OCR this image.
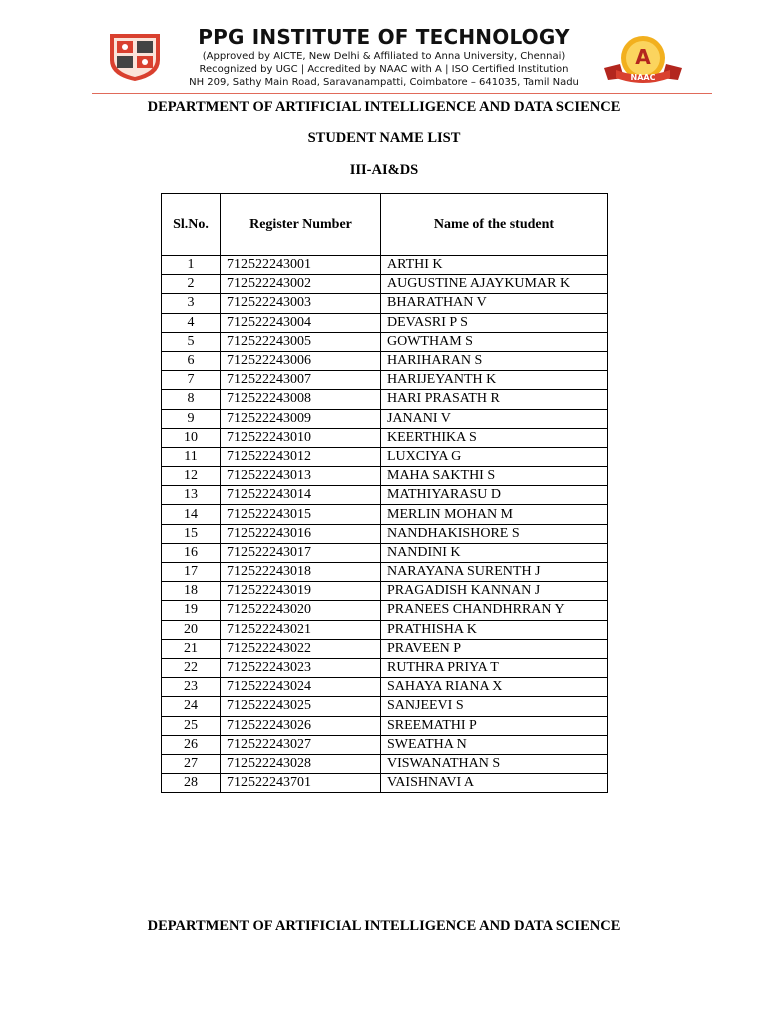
PPG INSTITUTE OF TECHNOLOGY
(Approved by AICTE, New Delhi & Affiliated to Anna University, Chennai)
Recognized by UGC | Accredited by NAAC with A | ISO Certified Institution
NH 209, Sathy Main Road, Saravanampatti, Coimbatore – 641035, Tamil Nadu
A
NAAC
DEPARTMENT OF ARTIFICIAL INTELLIGENCE AND DATA SCIENCE
STUDENT NAME LIST
III-AI&DS
Sl.No.	Register Number	Name of the student
1	712522243001	ARTHI K
2	712522243002	AUGUSTINE AJAYKUMAR K
3	712522243003	BHARATHAN V
4	712522243004	DEVASRI P S
5	712522243005	GOWTHAM S
6	712522243006	HARIHARAN S
7	712522243007	HARIJEYANTH K
8	712522243008	HARI PRASATH R
9	712522243009	JANANI V
10	712522243010	KEERTHIKA S
11	712522243012	LUXCIYA G
12	712522243013	MAHA SAKTHI S
13	712522243014	MATHIYARASU D
14	712522243015	MERLIN MOHAN M
15	712522243016	NANDHAKISHORE S
16	712522243017	NANDINI K
17	712522243018	NARAYANA SURENTH J
18	712522243019	PRAGADISH KANNAN J
19	712522243020	PRANEES CHANDHRRAN Y
20	712522243021	PRATHISHA K
21	712522243022	PRAVEEN P
22	712522243023	RUTHRA PRIYA T
23	712522243024	SAHAYA RIANA X
24	712522243025	SANJEEVI S
25	712522243026	SREEMATHI P
26	712522243027	SWEATHA N
27	712522243028	VISWANATHAN S
28	712522243701	VAISHNAVI A
DEPARTMENT OF ARTIFICIAL INTELLIGENCE AND DATA SCIENCE
